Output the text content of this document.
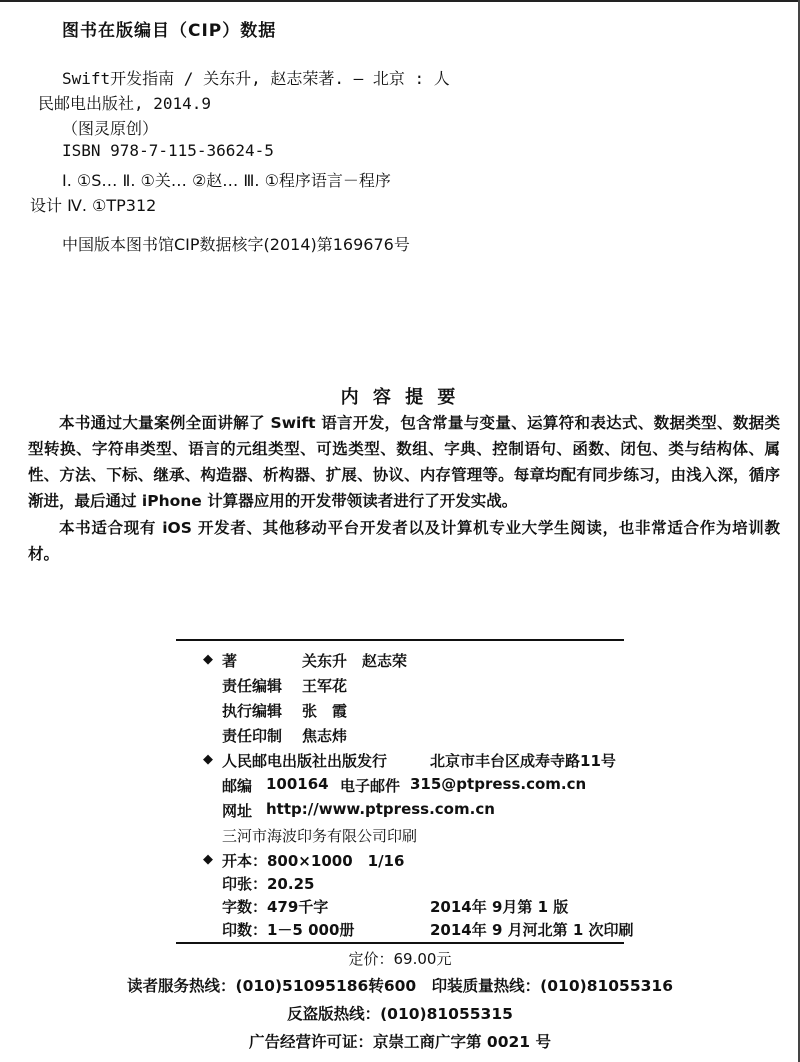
图书在版编目（CIP）数据
Swift开发指南 / 关东升, 赵志荣著. — 北京 : 人
民邮电出版社, 2014.9
（图灵原创）
ISBN 978-7-115-36624-5
Ⅰ. ①S… Ⅱ. ①关… ②赵… Ⅲ. ①程序语言－程序
设计 Ⅳ. ①TP312
中国版本图书馆CIP数据核字(2014)第169676号
内 容 提 要
本书通过大量案例全面讲解了 Swift 语言开发，包含常量与变量、运算符和表达式、数据类型、数据类型转换、字符串类型、语言的元组类型、可选类型、数组、字典、控制语句、函数、闭包、类与结构体、属性、方法、下标、继承、构造器、析构器、扩展、协议、内存管理等。每章均配有同步练习，由浅入深，循序渐进，最后通过 iPhone 计算器应用的开发带领读者进行了开发实战。
本书适合现有 iOS 开发者、其他移动平台开发者以及计算机专业大学生阅读，也非常适合作为培训教材。
◆ 著	关东升　赵志荣
责任编辑 王军花
执行编辑 张　霞
责任印制 焦志炜
◆ 人民邮电出版社出版发行	北京市丰台区成寿寺路11号
邮编 100164 电子邮件 315@ptpress.com.cn
网址 http://www.ptpress.com.cn
三河市海波印务有限公司印刷
◆ 开本：800×1000　1/16
印张：20.25
字数：479千字	2014年 9月第 1 版
印数：1－5 000册	2014年 9 月河北第 1 次印刷
定价：69.00元
读者服务热线：(010)51095186转600　印装质量热线：(010)81055316
反盗版热线：(010)81055315
广告经营许可证：京崇工商广字第 0021 号
